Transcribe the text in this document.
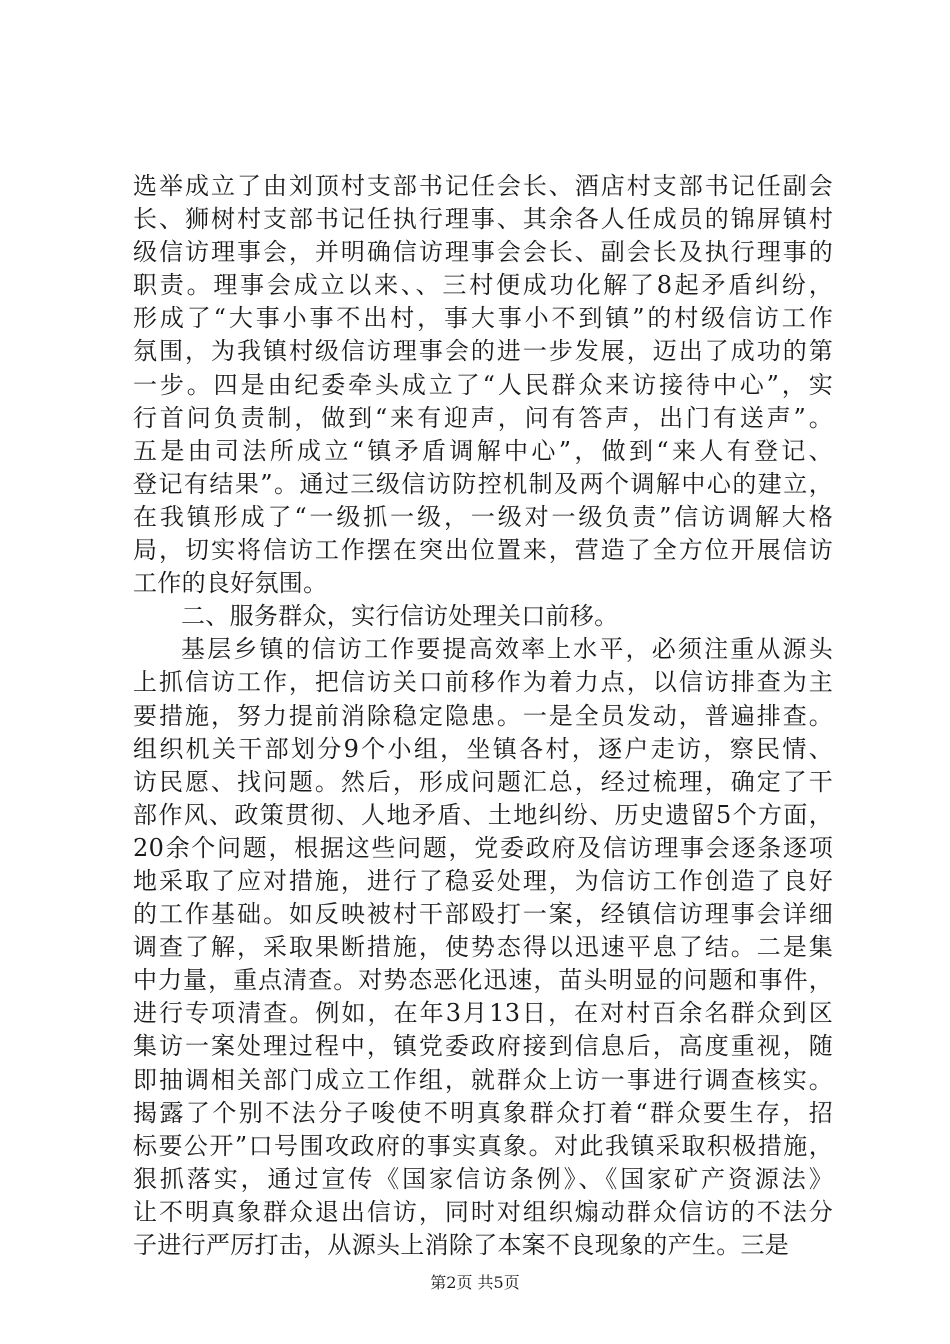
选举成立了由刘顶村支部书记任会长、酒店村支部书记任副会
长、狮树村支部书记任执行理事、其余各人任成员的锦屏镇村
级信访理事会，并明确信访理事会会长、副会长及执行理事的
职责。理事会成立以来、、三村便成功化解了8起矛盾纠纷，
形成了“大事小事不出村，事大事小不到镇”的村级信访工作
氛围，为我镇村级信访理事会的进一步发展，迈出了成功的第
一步。四是由纪委牵头成立了“人民群众来访接待中心”，实
行首问负责制，做到“来有迎声，问有答声，出门有送声”。
五是由司法所成立“镇矛盾调解中心”，做到“来人有登记、
登记有结果”。通过三级信访防控机制及两个调解中心的建立，
在我镇形成了“一级抓一级，一级对一级负责”信访调解大格
局，切实将信访工作摆在突出位置来，营造了全方位开展信访
工作的良好氛围。
二、服务群众，实行信访处理关口前移。
基层乡镇的信访工作要提高效率上水平，必须注重从源头
上抓信访工作，把信访关口前移作为着力点，以信访排查为主
要措施，努力提前消除稳定隐患。一是全员发动，普遍排查。
组织机关干部划分9个小组，坐镇各村，逐户走访，察民情、
访民愿、找问题。然后，形成问题汇总，经过梳理，确定了干
部作风、政策贯彻、人地矛盾、土地纠纷、历史遗留5个方面，
20余个问题，根据这些问题，党委政府及信访理事会逐条逐项
地采取了应对措施，进行了稳妥处理，为信访工作创造了良好
的工作基础。如反映被村干部殴打一案，经镇信访理事会详细
调查了解，采取果断措施，使势态得以迅速平息了结。二是集
中力量，重点清查。对势态恶化迅速，苗头明显的问题和事件，
进行专项清查。例如，在年3月13日，在对村百余名群众到区
集访一案处理过程中，镇党委政府接到信息后，高度重视，随
即抽调相关部门成立工作组，就群众上访一事进行调查核实。
揭露了个别不法分子唆使不明真象群众打着“群众要生存，招
标要公开”口号围攻政府的事实真象。对此我镇采取积极措施，
狠抓落实，通过宣传《国家信访条例》、《国家矿产资源法》
让不明真象群众退出信访，同时对组织煽动群众信访的不法分
子进行严厉打击，从源头上消除了本案不良现象的产生。三是
第2页 共5页
